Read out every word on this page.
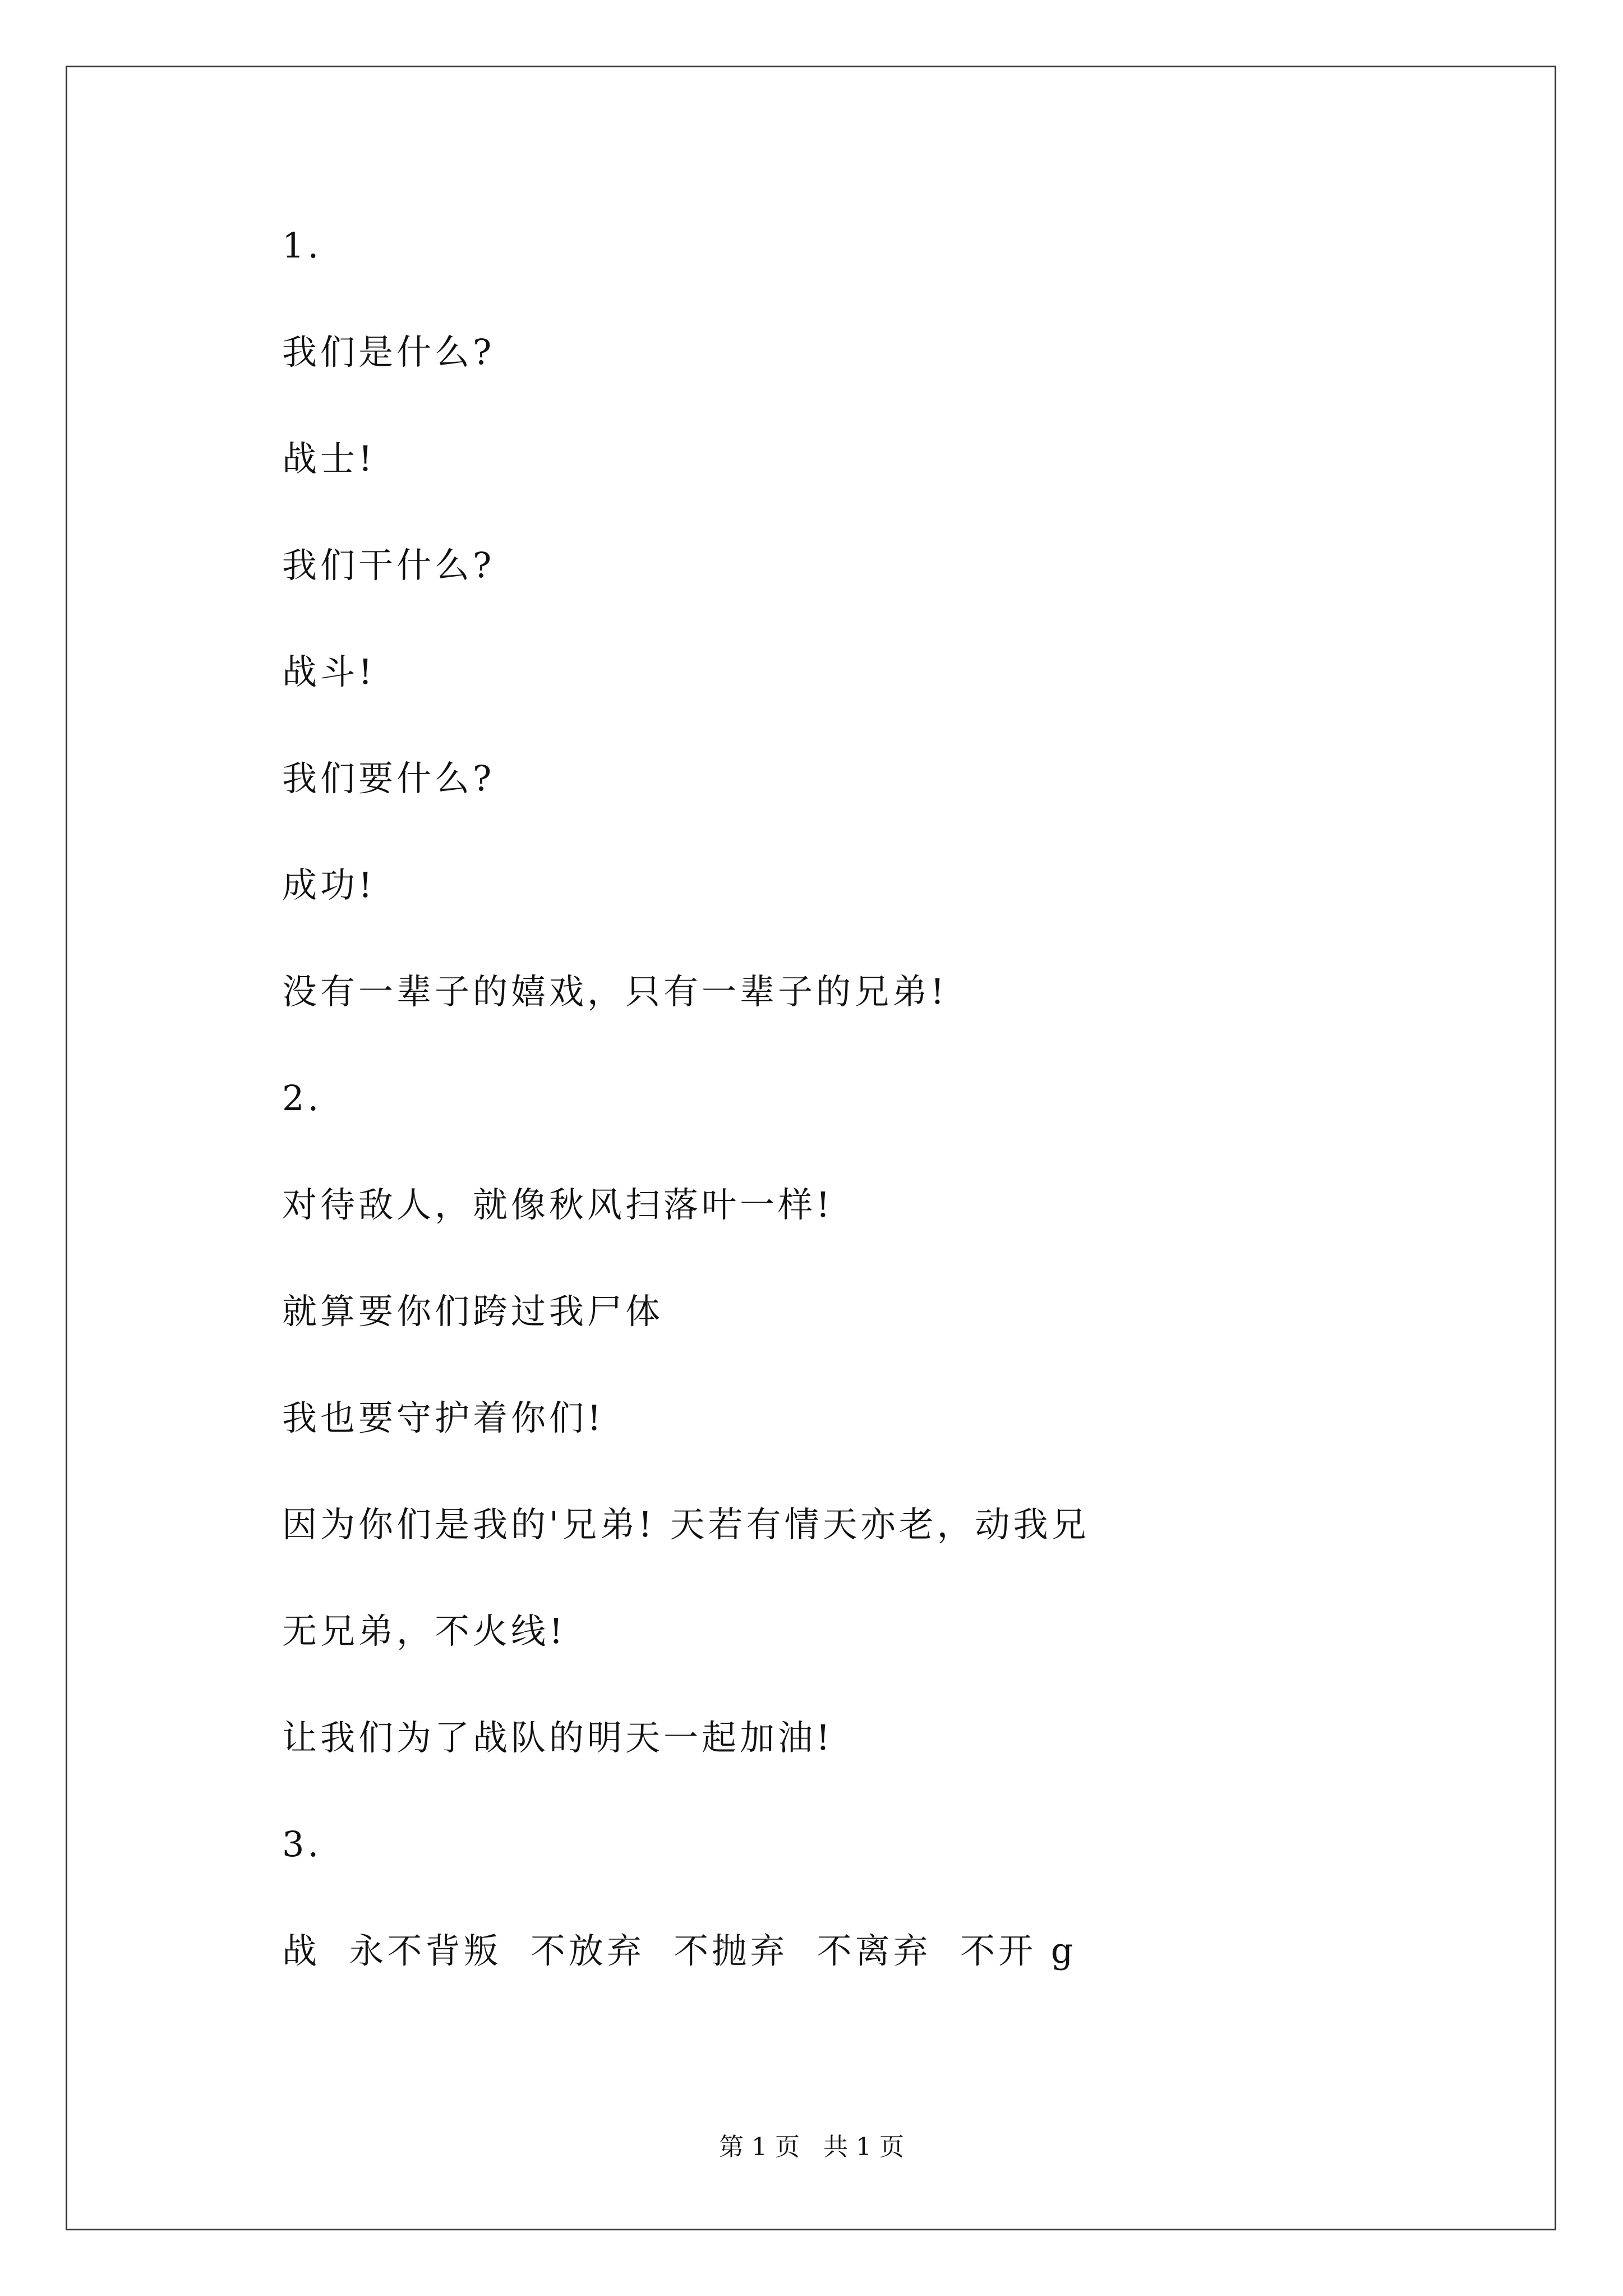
1.
我们是什么?
战士!
我们干什么?
战斗!
我们要什么?
成功!
没有一辈子的嬉戏，只有一辈子的兄弟!
2.
对待敌人，就像秋风扫落叶一样!
就算要你们跨过我尸体
我也要守护着你们!
因为你们是我的'兄弟! 天若有情天亦老，动我兄
无兄弟，不火线!
让我们为了战队的明天一起加油!
3.
战  永不背叛  不放弃  不抛弃  不离弃  不开 g
第 1 页   共 1 页
